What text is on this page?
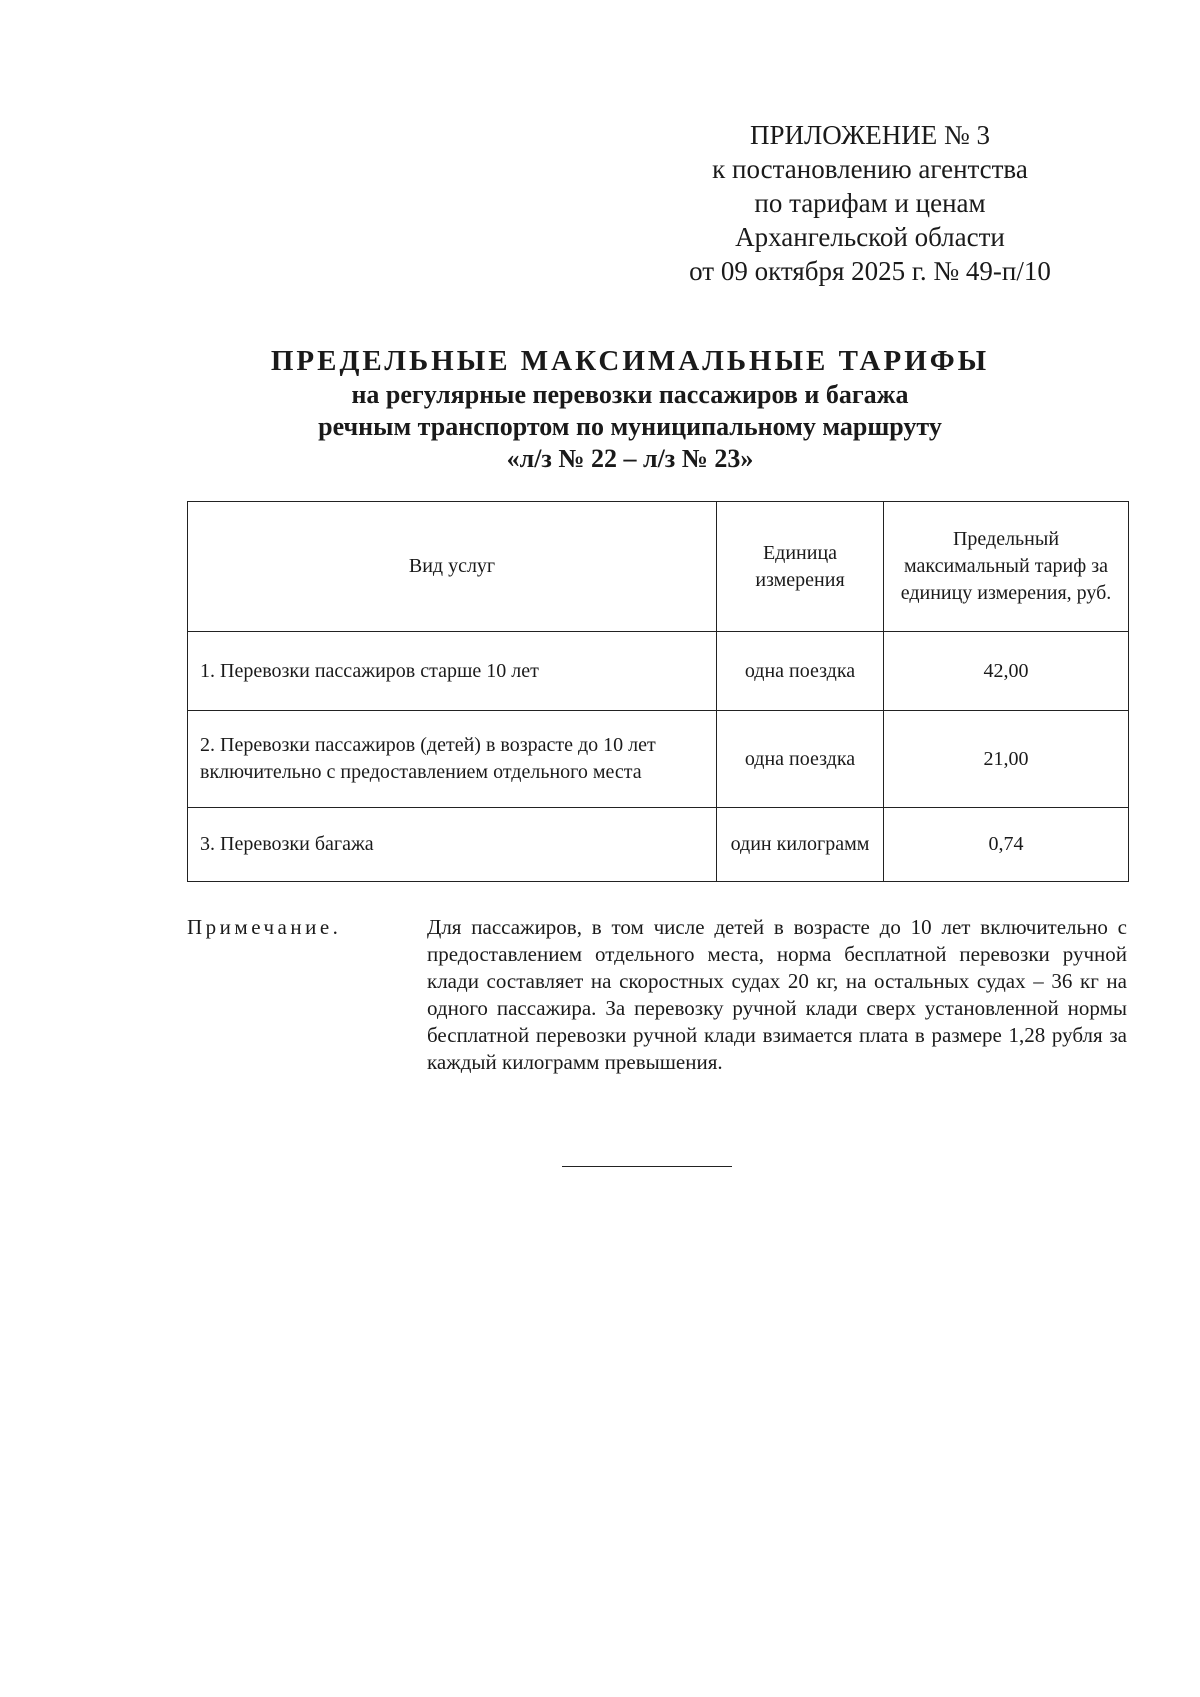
ПРИЛОЖЕНИЕ № 3
к постановлению агентства
по тарифам и ценам
Архангельской области
от 09 октября 2025 г. № 49-п/10
ПРЕДЕЛЬНЫЕ МАКСИМАЛЬНЫЕ ТАРИФЫ
на регулярные перевозки пассажиров и багажа
речным транспортом по муниципальному маршруту
«л/з № 22 – л/з № 23»
Вид услуг	Единица измерения	Предельный максимальный тариф за единицу измерения, руб.
1. Перевозки пассажиров старше 10 лет	одна поездка	42,00
2. Перевозки пассажиров (детей) в возрасте до 10 лет включительно с предоставлением отдельного места	одна поездка	21,00
3. Перевозки багажа	один килограмм	0,74
Примечание.	Для пассажиров, в том числе детей в возрасте до 10 лет включительно с предоставлением отдельного места, норма бесплатной перевозки ручной клади составляет на скоростных судах 20 кг, на остальных судах – 36 кг на одного пассажира. За перевозку ручной клади сверх установленной нормы бесплатной перевозки ручной клади взимается плата в размере 1,28 рубля за каждый килограмм превышения.
